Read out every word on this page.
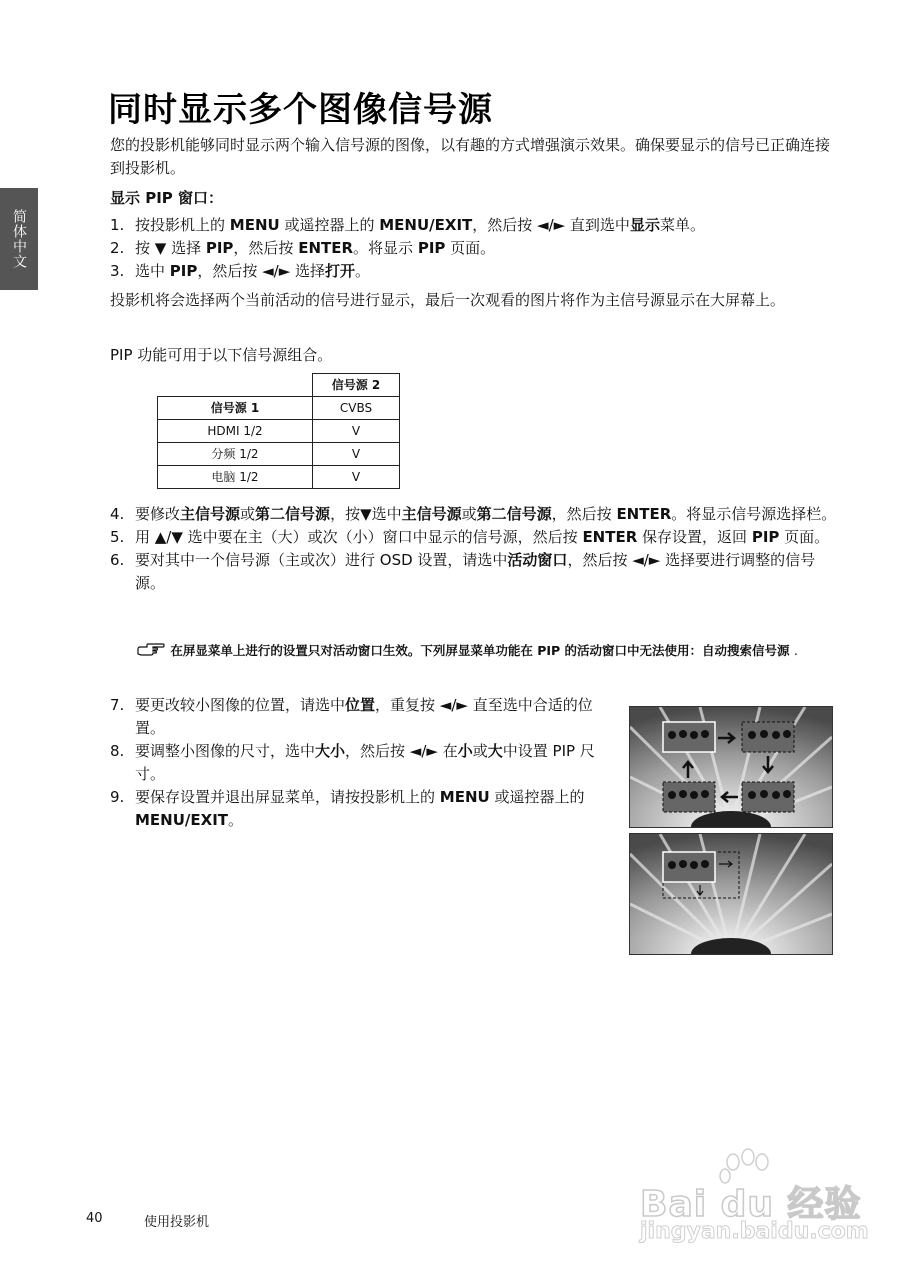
简体中文
同时显示多个图像信号源

您的投影机能够同时显示两个输入信号源的图像，以有趣的方式增强演示效果。确保要显示的信号已正确连接到投影机。

显示 PIP 窗口：

1. 按投影机上的 MENU 或遥控器上的 MENU/EXIT，然后按 ◄/► 直到选中显示菜单。
2. 按 ▼ 选择 PIP，然后按 ENTER。将显示 PIP 页面。
3. 选中 PIP，然后按 ◄/► 选择打开。

投影机将会选择两个当前活动的信号进行显示，最后一次观看的图片将作为主信号源显示在大屏幕上。

PIP 功能可用于以下信号源组合。

	信号源 2
信号源 1	CVBS
HDMI 1/2	V
分频 1/2	V
电脑 1/2	V
4. 要修改主信号源或第二信号源，按▼选中主信号源或第二信号源，然后按 ENTER。将显示信号源选择栏。
5. 用 ▲/▼ 选中要在主（大）或次（小）窗口中显示的信号源，然后按 ENTER 保存设置，返回 PIP 页面。
6. 要对其中一个信号源（主或次）进行 OSD 设置，请选中活动窗口，然后按 ◄/► 选择要进行调整的信号源。

在屏显菜单上进行的设置只对活动窗口生效。下列屏显菜单功能在 PIP 的活动窗口中无法使用：自动搜索信号源 .

7. 要更改较小图像的位置，请选中位置，重复按 ◄/► 直至选中合适的位置。
8. 要调整小图像的尺寸，选中大小，然后按 ◄/► 在小或大中设置 PIP 尺寸。
9. 要保存设置并退出屏显菜单，请按投影机上的 MENU 或遥控器上的 MENU/EXIT。
40	使用投影机	Bai du 经验
jingyan.baidu.com
